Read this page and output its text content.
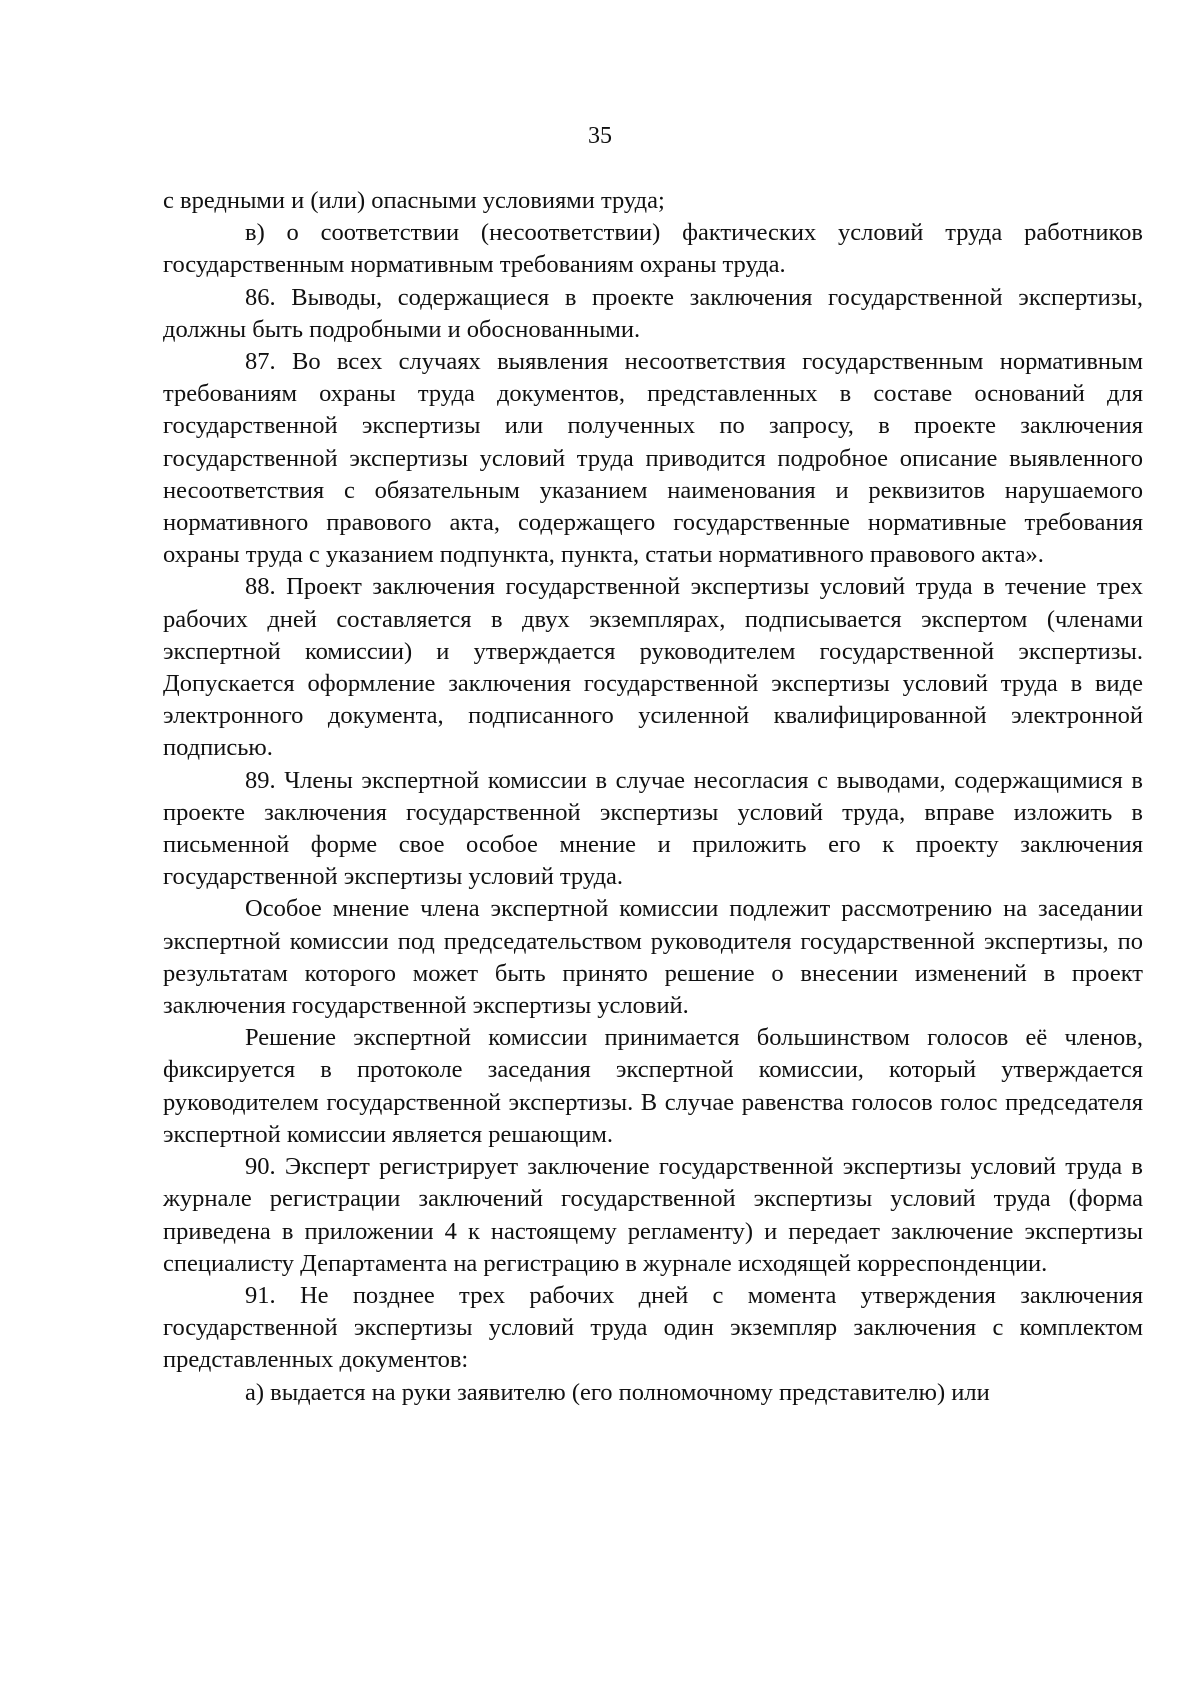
35

с вредными и (или) опасными условиями труда;

в) о соответствии (несоответствии) фактических условий труда работников государственным нормативным требованиям охраны труда.

86. Выводы, содержащиеся в проекте заключения государственной экспертизы, должны быть подробными и обоснованными.

87. Во всех случаях выявления несоответствия государственным нормативным требованиям охраны труда документов, представленных в составе оснований для государственной экспертизы или полученных по запросу, в проекте заключения государственной экспертизы условий труда приводится подробное описание выявленного несоответствия с обязательным указанием наименования и реквизитов нарушаемого нормативного правового акта, содержащего государственные нормативные требования охраны труда с указанием подпункта, пункта, статьи нормативного правового акта».

88. Проект заключения государственной экспертизы условий труда в течение трех рабочих дней составляется в двух экземплярах, подписывается экспертом (членами экспертной комиссии) и утверждается руководителем государственной экспертизы. Допускается оформление заключения государственной экспертизы условий труда в виде электронного документа, подписанного усиленной квалифицированной электронной подписью.

89. Члены экспертной комиссии в случае несогласия с выводами, содержащимися в проекте заключения государственной экспертизы условий труда, вправе изложить в письменной форме свое особое мнение и приложить его к проекту заключения государственной экспертизы условий труда.

Особое мнение члена экспертной комиссии подлежит рассмотрению на заседании экспертной комиссии под председательством руководителя государственной экспертизы, по результатам которого может быть принято решение о внесении изменений в проект заключения государственной экспертизы условий.

Решение экспертной комиссии принимается большинством голосов её членов, фиксируется в протоколе заседания экспертной комиссии, который утверждается руководителем государственной экспертизы. В случае равенства голосов голос председателя экспертной комиссии является решающим.

90. Эксперт регистрирует заключение государственной экспертизы условий труда в журнале регистрации заключений государственной экспертизы условий труда (форма приведена в приложении 4 к настоящему регламенту) и передает заключение экспертизы специалисту Департамента на регистрацию в журнале исходящей корреспонденции.

91. Не позднее трех рабочих дней с момента утверждения заключения государственной экспертизы условий труда один экземпляр заключения с комплектом представленных документов:

а) выдается на руки заявителю (его полномочному представителю) или
